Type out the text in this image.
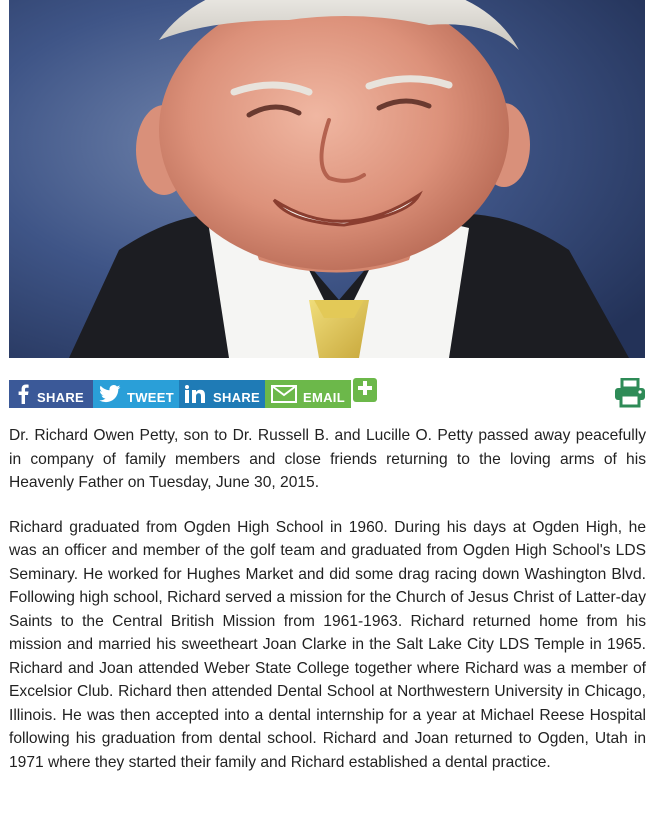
SHARE	TWEET	SHARE	EMAIL

Dr. Richard Owen Petty, son to Dr. Russell B. and Lucille O. Petty passed away peacefully in company of family members and close friends returning to the loving arms of his Heavenly Father on Tuesday, June 30, 2015.

Richard graduated from Ogden High School in 1960. During his days at Ogden High, he was an officer and member of the golf team and graduated from Ogden High School's LDS Seminary. He worked for Hughes Market and did some drag racing down Washington Blvd. Following high school, Richard served a mission for the Church of Jesus Christ of Latter-day Saints to the Central British Mission from 1961-1963. Richard returned home from his mission and married his sweetheart Joan Clarke in the Salt Lake City LDS Temple in 1965. Richard and Joan attended Weber State College together where Richard was a member of Excelsior Club. Richard then attended Dental School at Northwestern University in Chicago, Illinois. He was then accepted into a dental internship for a year at Michael Reese Hospital following his graduation from dental school. Richard and Joan returned to Ogden, Utah in 1971 where they started their family and Richard established a dental practice.
